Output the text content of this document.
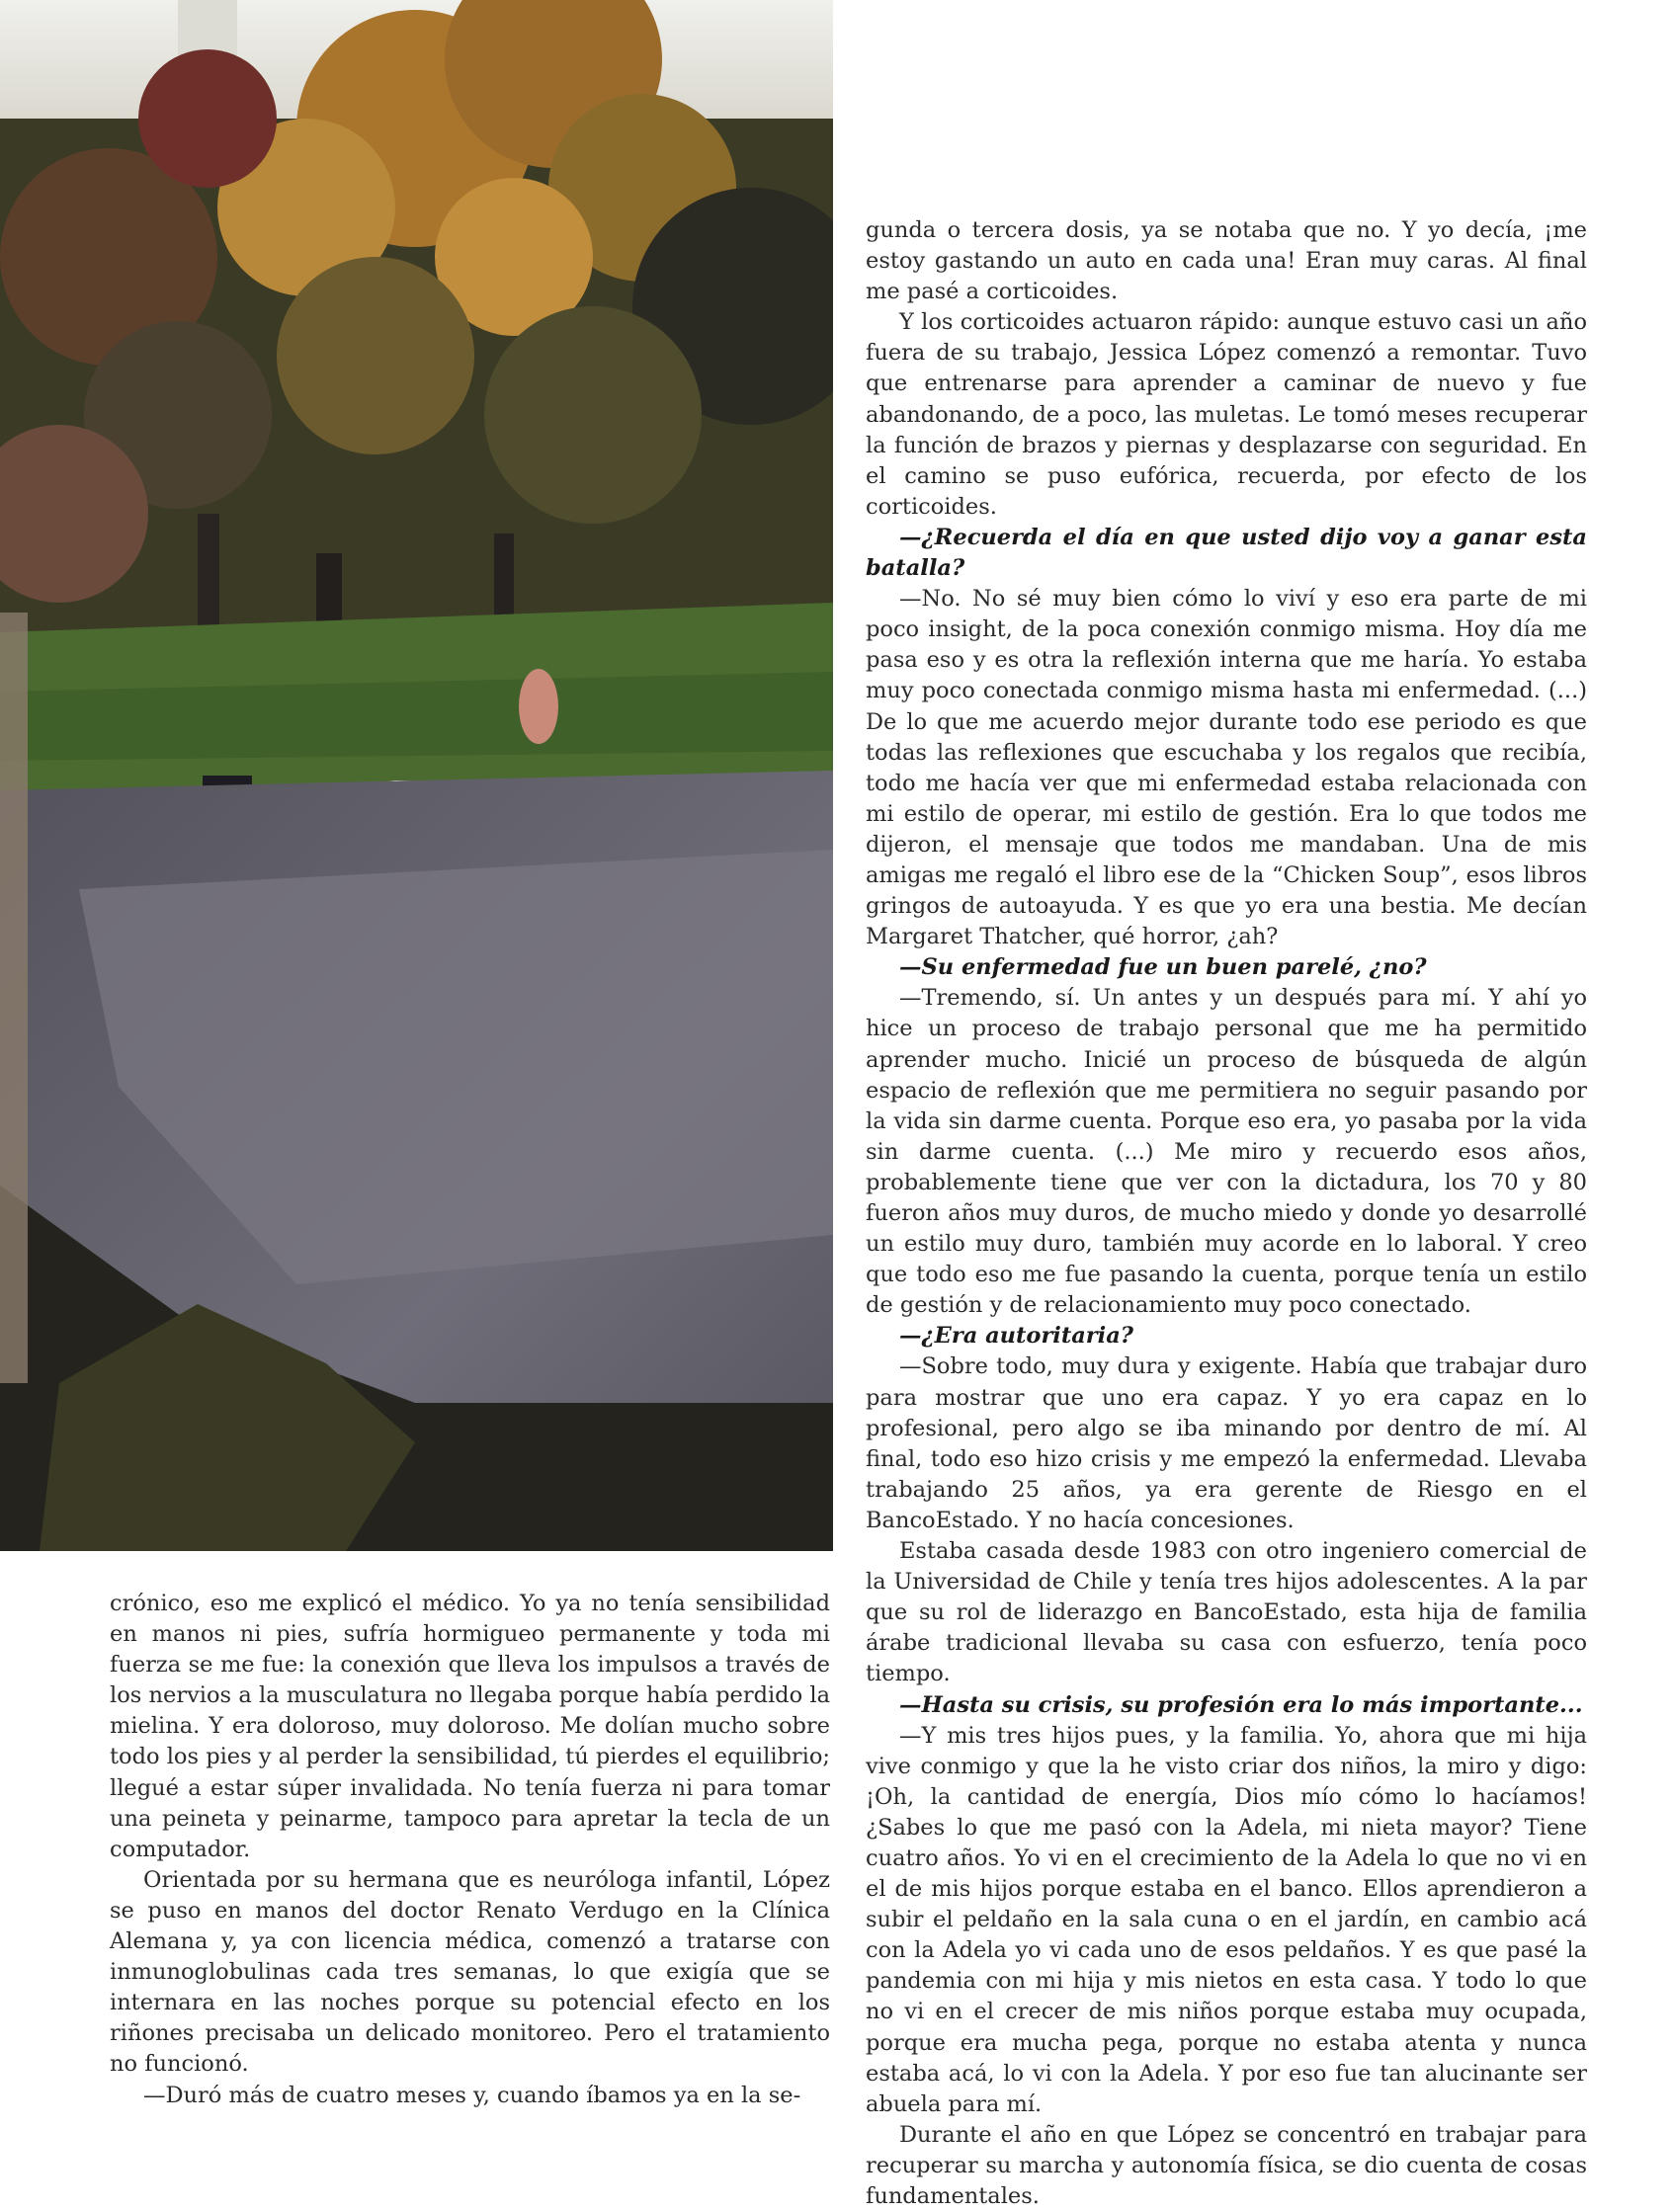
crónico, eso me explicó el médico. Yo ya no tenía sensibilidad en manos ni pies, sufría hormigueo permanente y toda mi fuerza se me fue: la conexión que lleva los impulsos a través de los nervios a la musculatura no llegaba porque había perdido la mielina. Y era doloroso, muy doloroso. Me dolían mucho sobre todo los pies y al perder la sensibilidad, tú pierdes el equilibrio; llegué a estar súper invalidada. No tenía fuerza ni para tomar una peineta y peinarme, tampoco para apretar la tecla de un computador.

Orientada por su hermana que es neuróloga infantil, López se puso en manos del doctor Renato Verdugo en la Clínica Alemana y, ya con licencia médica, comenzó a tratarse con inmunoglobulinas cada tres semanas, lo que exigía que se internara en las noches porque su potencial efecto en los riñones precisaba un delicado monitoreo. Pero el tratamiento no funcionó.

—Duró más de cuatro meses y, cuando íbamos ya en la se-

gunda o tercera dosis, ya se notaba que no. Y yo decía, ¡me estoy gastando un auto en cada una! Eran muy caras. Al final me pasé a corticoides.

Y los corticoides actuaron rápido: aunque estuvo casi un año fuera de su trabajo, Jessica López comenzó a remontar. Tuvo que entrenarse para aprender a caminar de nuevo y fue abandonando, de a poco, las muletas. Le tomó meses recuperar la función de brazos y piernas y desplazarse con seguridad. En el camino se puso eufórica, recuerda, por efecto de los corticoides.

—¿Recuerda el día en que usted dijo voy a ganar esta batalla?

—No. No sé muy bien cómo lo viví y eso era parte de mi poco insight, de la poca conexión conmigo misma. Hoy día me pasa eso y es otra la reflexión interna que me haría. Yo estaba muy poco conectada conmigo misma hasta mi enfermedad. (...) De lo que me acuerdo mejor durante todo ese periodo es que todas las reflexiones que escuchaba y los regalos que recibía, todo me hacía ver que mi enfermedad estaba relacionada con mi estilo de operar, mi estilo de gestión. Era lo que todos me dijeron, el mensaje que todos me mandaban. Una de mis amigas me regaló el libro ese de la “Chicken Soup”, esos libros gringos de autoayuda. Y es que yo era una bestia. Me decían Margaret Thatcher, qué horror, ¿ah?

—Su enfermedad fue un buen parelé, ¿no?

—Tremendo, sí. Un antes y un después para mí. Y ahí yo hice un proceso de trabajo personal que me ha permitido aprender mucho. Inicié un proceso de búsqueda de algún espacio de reflexión que me permitiera no seguir pasando por la vida sin darme cuenta. Porque eso era, yo pasaba por la vida sin darme cuenta. (...) Me miro y recuerdo esos años, probablemente tiene que ver con la dictadura, los 70 y 80 fueron años muy duros, de mucho miedo y donde yo desarrollé un estilo muy duro, también muy acorde en lo laboral. Y creo que todo eso me fue pasando la cuenta, porque tenía un estilo de gestión y de relacionamiento muy poco conectado.

—¿Era autoritaria?

—Sobre todo, muy dura y exigente. Había que trabajar duro para mostrar que uno era capaz. Y yo era capaz en lo profesional, pero algo se iba minando por dentro de mí. Al final, todo eso hizo crisis y me empezó la enfermedad. Llevaba trabajando 25 años, ya era gerente de Riesgo en el BancoEstado. Y no hacía concesiones.

Estaba casada desde 1983 con otro ingeniero comercial de la Universidad de Chile y tenía tres hijos adolescentes. A la par que su rol de liderazgo en BancoEstado, esta hija de familia árabe tradicional llevaba su casa con esfuerzo, tenía poco tiempo.

—Hasta su crisis, su profesión era lo más importante...

—Y mis tres hijos pues, y la familia. Yo, ahora que mi hija vive conmigo y que la he visto criar dos niños, la miro y digo: ¡Oh, la cantidad de energía, Dios mío cómo lo hacíamos! ¿Sabes lo que me pasó con la Adela, mi nieta mayor? Tiene cuatro años. Yo vi en el crecimiento de la Adela lo que no vi en el de mis hijos porque estaba en el banco. Ellos aprendieron a subir el peldaño en la sala cuna o en el jardín, en cambio acá con la Adela yo vi cada uno de esos peldaños. Y es que pasé la pandemia con mi hija y mis nietos en esta casa. Y todo lo que no vi en el crecer de mis niños porque estaba muy ocupada, porque era mucha pega, porque no estaba atenta y nunca estaba acá, lo vi con la Adela. Y por eso fue tan alucinante ser abuela para mí.

Durante el año en que López se concentró en trabajar para recuperar su marcha y autonomía física, se dio cuenta de cosas fundamentales.
